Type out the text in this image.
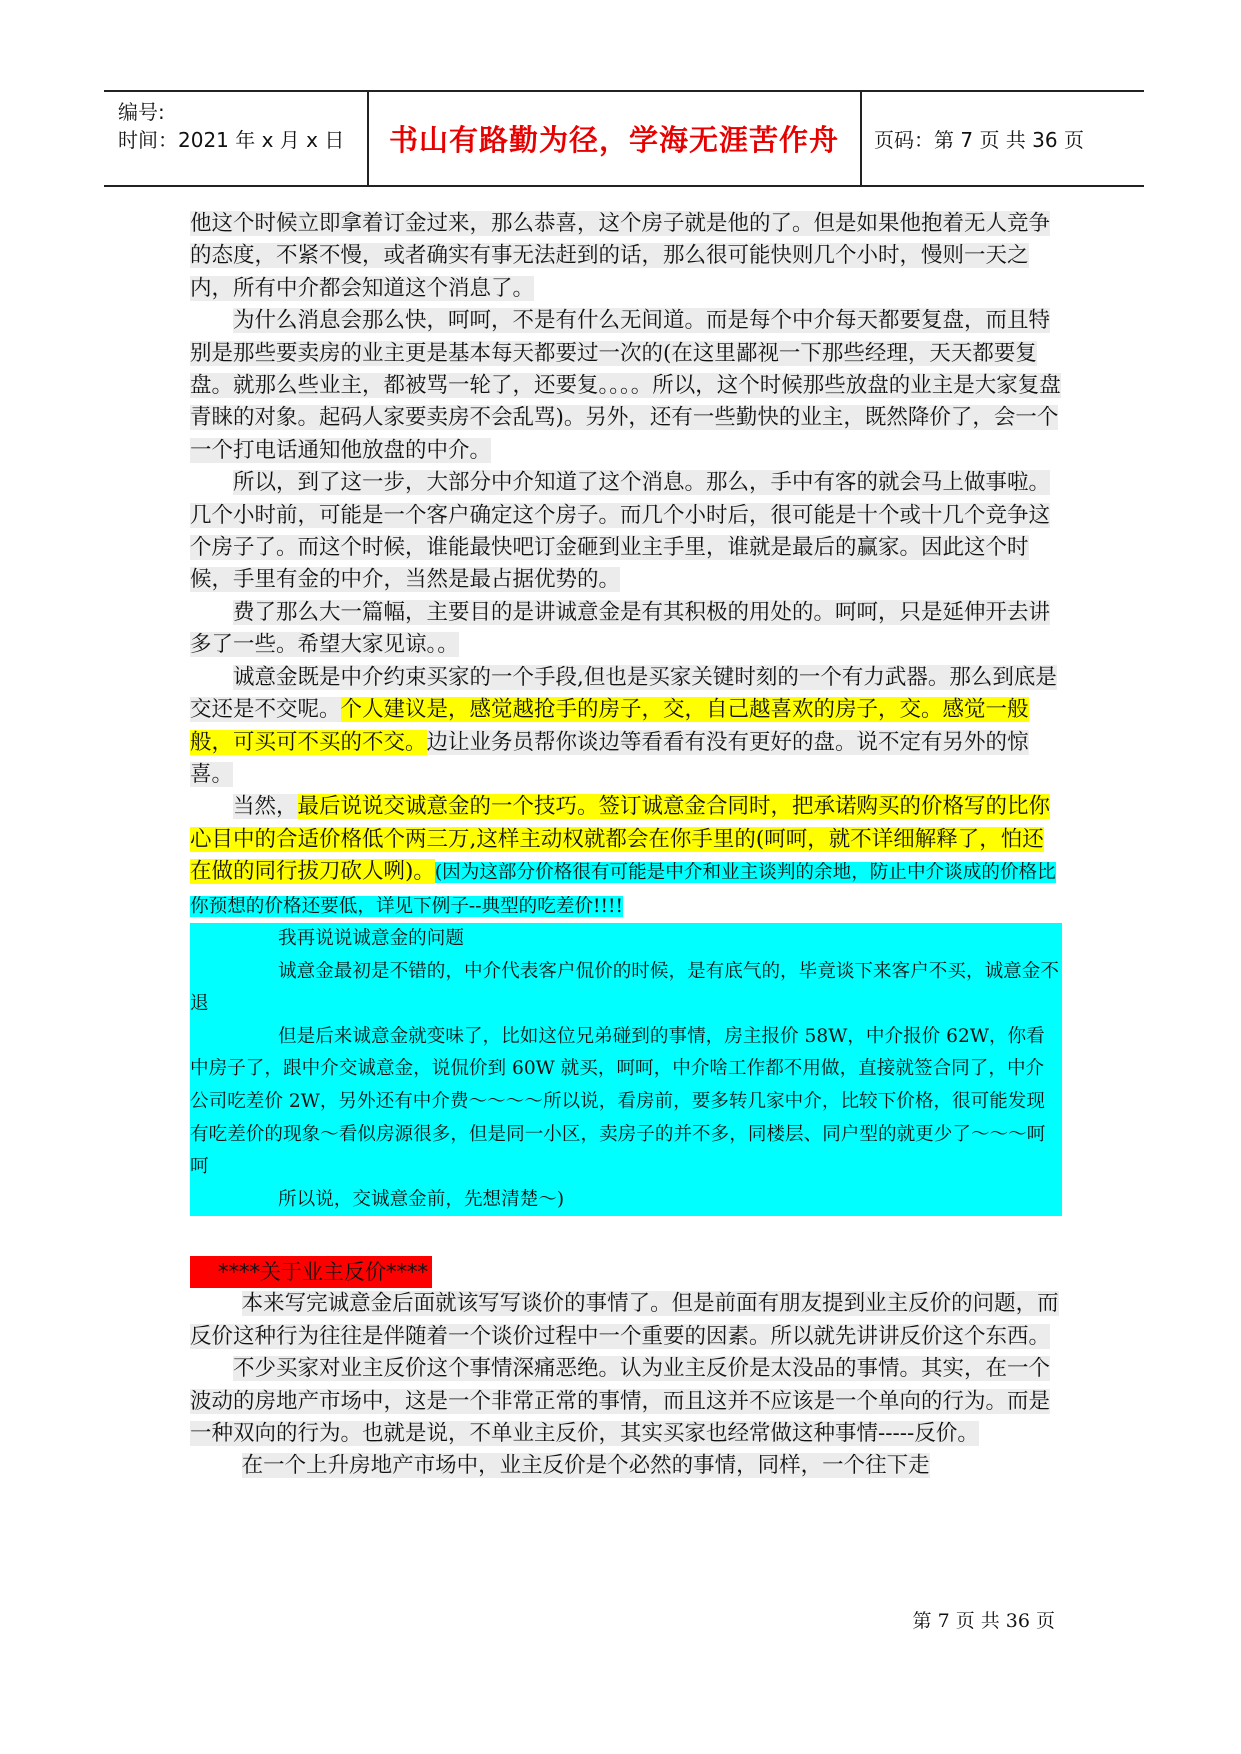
编号:
时间：2021 年 x 月 x 日	书山有路勤为径，学海无涯苦作舟	页码：第 7 页 共 36 页

他这个时候立即拿着订金过来，那么恭喜，这个房子就是他的了。但是如果他抱着无人竞争的态度，不紧不慢，或者确实有事无法赶到的话，那么很可能快则几个小时，慢则一天之内，所有中介都会知道这个消息了。

为什么消息会那么快，呵呵，不是有什么无间道。而是每个中介每天都要复盘，而且特别是那些要卖房的业主更是基本每天都要过一次的(在这里鄙视一下那些经理，天天都要复盘。就那么些业主，都被骂一轮了，还要复。。。。所以，这个时候那些放盘的业主是大家复盘青睐的对象。起码人家要卖房不会乱骂)。另外，还有一些勤快的业主，既然降价了，会一个一个打电话通知他放盘的中介。

所以，到了这一步，大部分中介知道了这个消息。那么，手中有客的就会马上做事啦。几个小时前，可能是一个客户确定这个房子。而几个小时后，很可能是十个或十几个竞争这个房子了。而这个时候，谁能最快吧订金砸到业主手里，谁就是最后的赢家。因此这个时候，手里有金的中介，当然是最占据优势的。

费了那么大一篇幅，主要目的是讲诚意金是有其积极的用处的。呵呵，只是延伸开去讲多了一些。希望大家见谅。。

诚意金既是中介约束买家的一个手段,但也是买家关键时刻的一个有力武器。那么到底是交还是不交呢。个人建议是，感觉越抢手的房子，交，自己越喜欢的房子，交。感觉一般般，可买可不买的不交。边让业务员帮你谈边等看看有没有更好的盘。说不定有另外的惊喜。

当然，最后说说交诚意金的一个技巧。签订诚意金合同时，把承诺购买的价格写的比你心目中的合适价格低个两三万,这样主动权就都会在你手里的(呵呵，就不详细解释了，怕还在做的同行拔刀砍人咧)。(因为这部分价格很有可能是中介和业主谈判的余地，防止中介谈成的价格比你预想的价格还要低，详见下例子--典型的吃差价!!!!

我再说说诚意金的问题

诚意金最初是不错的，中介代表客户侃价的时候，是有底气的，毕竟谈下来客户不买，诚意金不退

但是后来诚意金就变味了，比如这位兄弟碰到的事情，房主报价 58W，中介报价 62W，你看中房子了，跟中介交诚意金，说侃价到 60W 就买，呵呵，中介啥工作都不用做，直接就签合同了，中介公司吃差价 2W，另外还有中介费～～～～所以说，看房前，要多转几家中介，比较下价格，很可能发现有吃差价的现象～看似房源很多，但是同一小区，卖房子的并不多，同楼层、同户型的就更少了～～～呵呵

所以说，交诚意金前，先想清楚～)

****关于业主反价****

本来写完诚意金后面就该写写谈价的事情了。但是前面有朋友提到业主反价的问题，而反价这种行为往往是伴随着一个谈价过程中一个重要的因素。所以就先讲讲反价这个东西。

不少买家对业主反价这个事情深痛恶绝。认为业主反价是太没品的事情。其实，在一个波动的房地产市场中，这是一个非常正常的事情，而且这并不应该是一个单向的行为。而是一种双向的行为。也就是说，不单业主反价，其实买家也经常做这种事情-----反价。

在一个上升房地产市场中，业主反价是个必然的事情，同样，一个往下走

第 7 页 共 36 页
